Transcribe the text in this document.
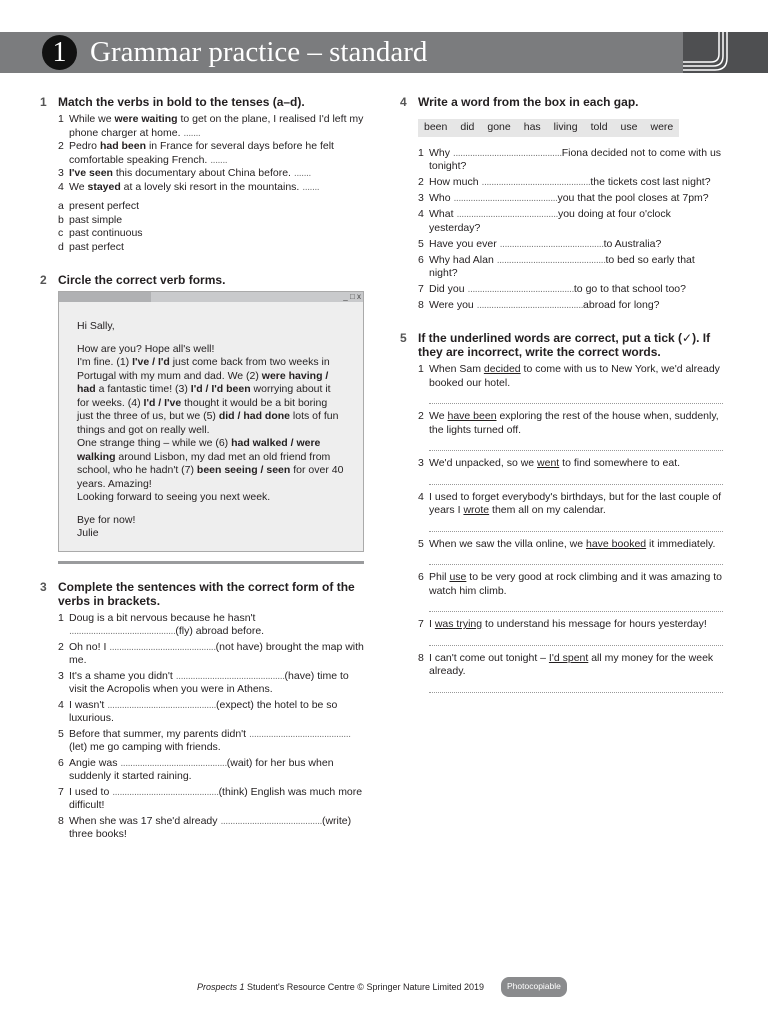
1 Grammar practice – standard
1 Match the verbs in bold to the tenses (a–d).
1 While we were waiting to get on the plane, I realised I'd left my phone charger at home. .......
2 Pedro had been in France for several days before he felt comfortable speaking French. .......
3 I've seen this documentary about China before. .......
4 We stayed at a lovely ski resort in the mountains. .......
a present perfect
b past simple
c past continuous
d past perfect
2 Circle the correct verb forms.
_ □ x

Hi Sally,

How are you? Hope all's well!

I'm fine. (1) I've / I'd just come back from two weeks in Portugal with my mum and dad. We (2) were having / had a fantastic time! (3) I'd / I'd been worrying about it for weeks. (4) I'd / I've thought it would be a bit boring just the three of us, but we (5) did / had done lots of fun things and got on really well.

One strange thing – while we (6) had walked / were walking around Lisbon, my dad met an old friend from school, who he hadn't (7) been seeing / seen for over 40 years. Amazing!

Looking forward to seeing you next week.

Bye for now!

Julie

3 Complete the sentences with the correct form of the verbs in brackets.
1 Doug is a bit nervous because he hasn't
............................................(fly) abroad before.
2 Oh no! I ............................................(not have) brought the map with me.
3 It's a shame you didn't .............................................(have) time to visit the Acropolis when you were in Athens.
4 I wasn't .............................................(expect) the hotel to be so luxurious.
5 Before that summer, my parents didn't ..........................................(let) me go camping with friends.
6 Angie was ............................................(wait) for her bus when suddenly it started raining.
7 I used to ............................................(think) English was much more difficult!
8 When she was 17 she'd already ..........................................(write) three books!
4 Write a word from the box in each gap.
been did gone has living told use were
1 Why .............................................Fiona decided not to come with us tonight?
2 How much .............................................the tickets cost last night?
3 Who ...........................................you that the pool closes at 7pm?
4 What ..........................................you doing at four o'clock yesterday?
5 Have you ever ...........................................to Australia?
6 Why had Alan .............................................to bed so early that night?
7 Did you ............................................to go to that school too?
8 Were you ............................................abroad for long?
5 If the underlined words are correct, put a tick (✓). If they are incorrect, write the correct words.
1 When Sam decided to come with us to New York, we'd already booked our hotel.
2 We have been exploring the rest of the house when, suddenly, the lights turned off.
3 We'd unpacked, so we went to find somewhere to eat.
4 I used to forget everybody's birthdays, but for the last couple of years I wrote them all on my calendar.
5 When we saw the villa online, we have booked it immediately.
6 Phil use to be very good at rock climbing and it was amazing to watch him climb.
7 I was trying to understand his message for hours yesterday!
8 I can't come out tonight – I'd spent all my money for the week already.
Prospects 1 Student's Resource Centre © Springer Nature Limited 2019	Photocopiable
